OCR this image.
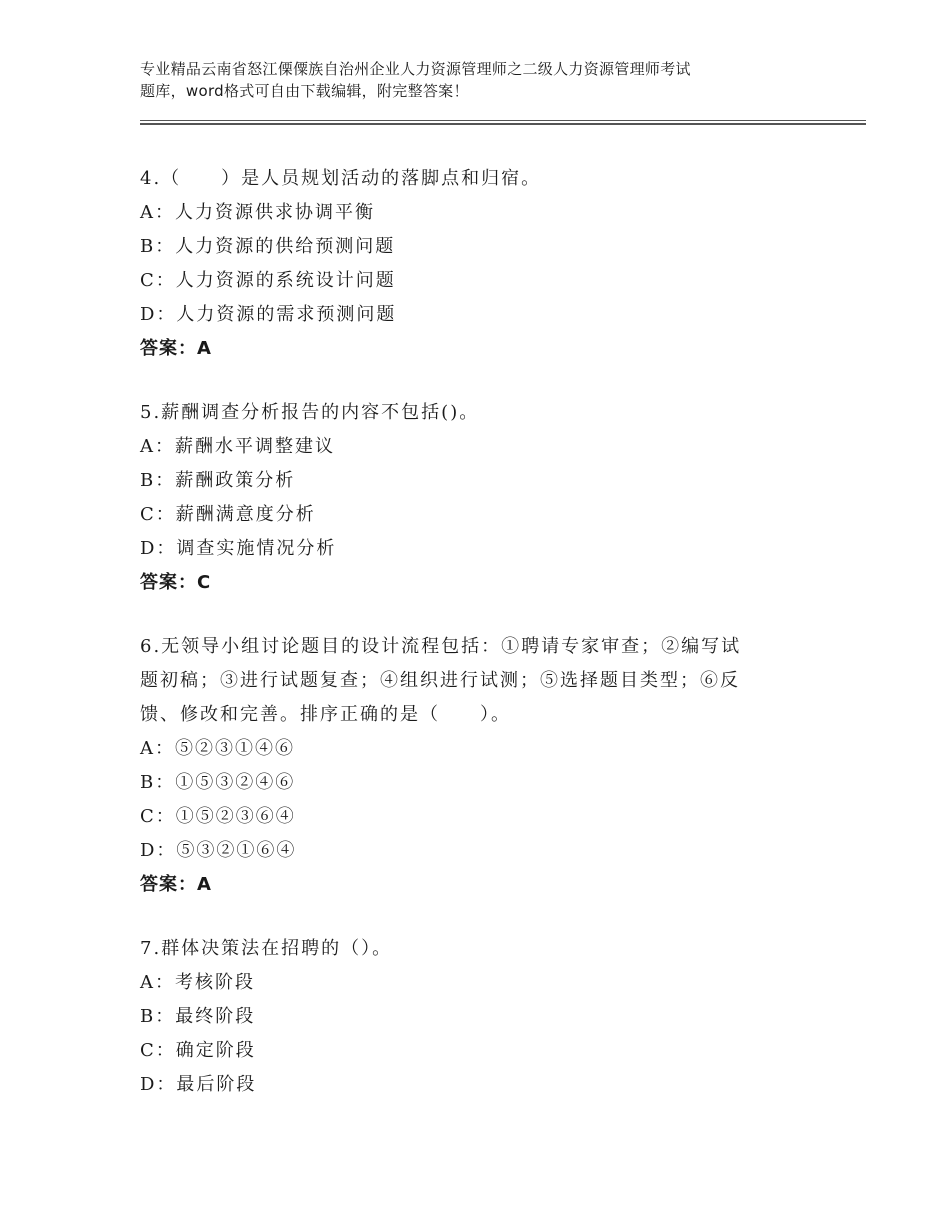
专业精品云南省怒江傈僳族自治州企业人力资源管理师之二级人力资源管理师考试
题库，word格式可自由下载编辑，附完整答案！
4.（　　）是人员规划活动的落脚点和归宿。
A：人力资源供求协调平衡
B：人力资源的供给预测问题
C：人力资源的系统设计问题
D：人力资源的需求预测问题
答案：A
5.薪酬调查分析报告的内容不包括()。
A：薪酬水平调整建议
B：薪酬政策分析
C：薪酬满意度分析
D：调查实施情况分析
答案：C
6.无领导小组讨论题目的设计流程包括：①聘请专家审查；②编写试
题初稿；③进行试题复查；④组织进行试测；⑤选择题目类型；⑥反
馈、修改和完善。排序正确的是（　　）。
A：⑤②③①④⑥
B：①⑤③②④⑥
C：①⑤②③⑥④
D：⑤③②①⑥④
答案：A
7.群体决策法在招聘的（）。
A：考核阶段
B：最终阶段
C：确定阶段
D：最后阶段
